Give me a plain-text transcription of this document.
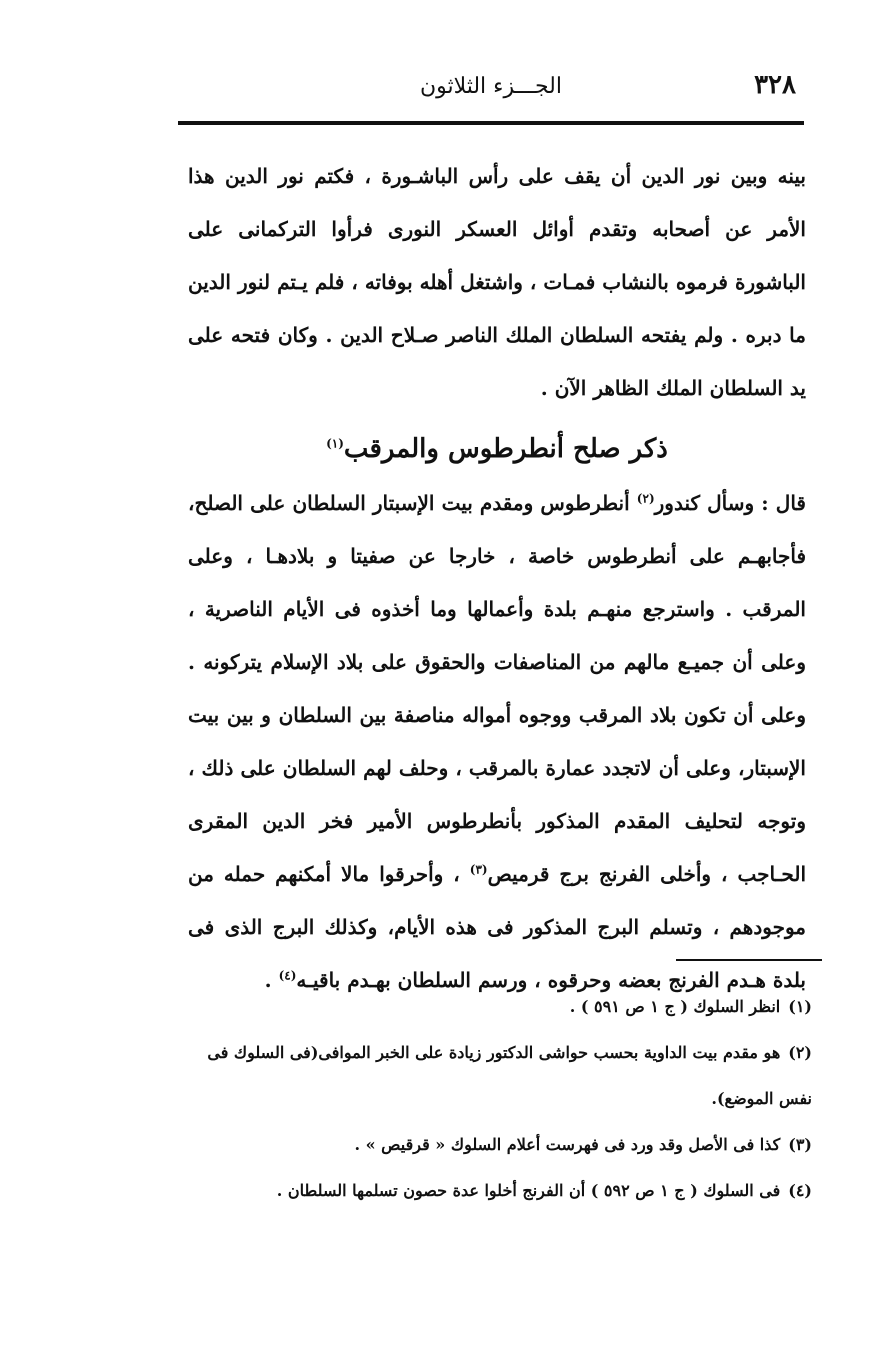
٣٢٨
الجـــزء الثلاثون

بينه وبين نور الدين أن يقف على رأس الباشـورة ، فكتم نور الدين هذا الأمر عن أصحابه وتقدم أوائل العسكر النورى فرأوا التركمانى على الباشورة فرموه بالنشاب فمـات ، واشتغل أهله بوفاته ، فلم يـتم لنور الدين ما دبره . ولم يفتحه السلطان الملك الناصر صـلاح الدين . وكان فتحه على يد السلطان الملك الظاهر الآن .

ذكر صلح أنطرطوس والمرقب$^{(١)}$

قال : وسأل كندور$^{(٢)}$ أنطرطوس ومقدم بيت الإسبتار السلطان على الصلح، فأجابهـم على أنطرطوس خاصة ، خارجا عن صفيتا و بلادهـا ، وعلى المرقب . واسترجع منهـم بلدة وأعمالها وما أخذوه فى الأيام الناصرية ، وعلى أن جميـع مالهم من المناصفات والحقوق على بلاد الإسلام يتركونه . وعلى أن تكون بلاد المرقب ووجوه أمواله مناصفة بين السلطان و بين بيت الإسبتار، وعلى أن لاتجدد عمارة بالمرقب ، وحلف لهم السلطان على ذلك ، وتوجه لتحليف المقدم المذكور بأنطرطوس الأمير فخر الدين المقرى الحـاجب ، وأخلى الفرنج برج قرميص$^{(٣)}$ ، وأحرقوا مالا أمكنهم حمله من موجودهم ، وتسلم البرج المذكور فى هذه الأيام، وكذلك البرج الذى فى بلدة هـدم الفرنج بعضه وحرقوه ، ورسم السلطان بهـدم باقيـه$^{(٤)}$ .

(١)انظر السلوك ( ج ١ ص ٥٩١ ) .

(٢)هو مقدم بيت الداوية بحسب حواشى الدكتور زيادة على الخبر الموافى(فى السلوك فى نفس الموضع).

(٣)كذا فى الأصل وقد ورد فى فهرست أعلام السلوك « قرقيص » .

(٤)فى السلوك ( ج ١ ص ٥٩٢ ) أن الفرنج أخلوا عدة حصون تسلمها السلطان .
